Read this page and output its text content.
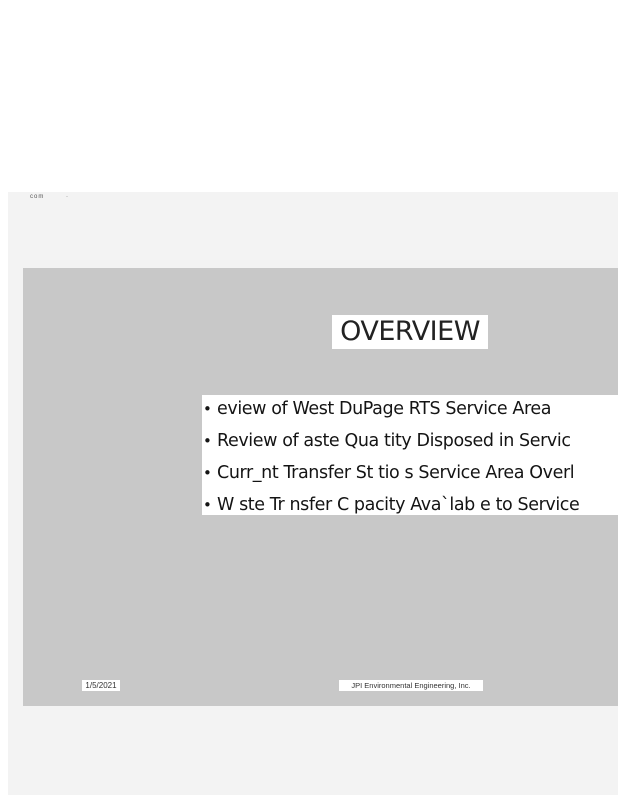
com	·
OVERVIEW
• eview of West DuPage RTS Service Area
• Review of aste Qua tity Disposed in Servic
• Curr_nt Transfer St tio s Service Area Overl
• W ste Tr nsfer C pacity Ava`lab e to Service
1/5/2021	JPI Environmental Engineering, Inc.
